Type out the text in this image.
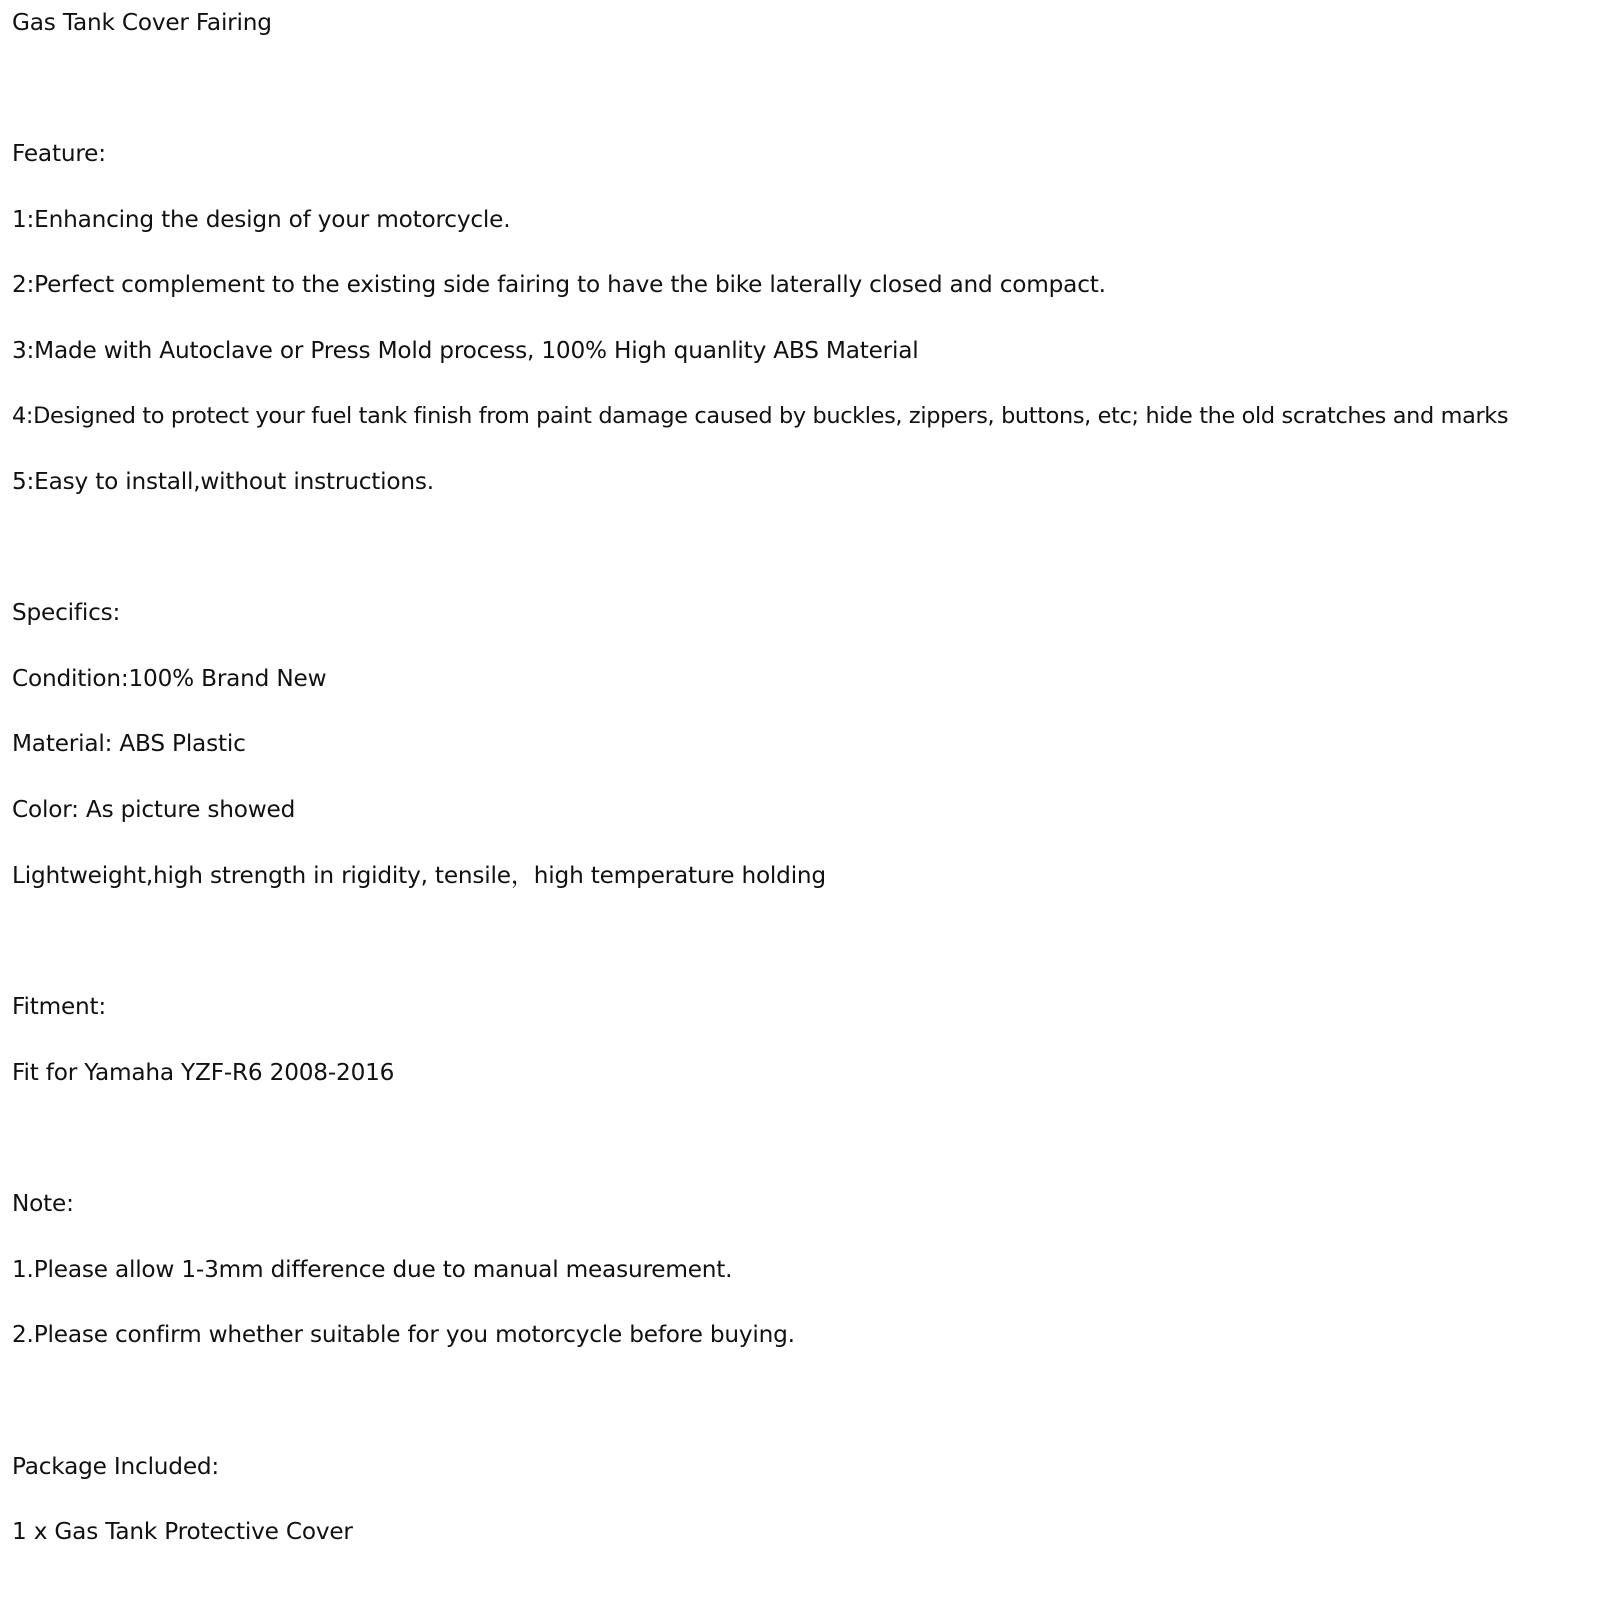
Gas Tank Cover Fairing
Feature:
1:Enhancing the design of your motorcycle.
2:Perfect complement to the existing side fairing to have the bike laterally closed and compact.
3:Made with Autoclave or Press Mold process, 100% High quanlity ABS Material
4:Designed to protect your fuel tank finish from paint damage caused by buckles, zippers, buttons, etc; hide the old scratches and marks
5:Easy to install,without instructions.
Specifics:
Condition:100% Brand New
Material: ABS Plastic
Color: As picture showed
Lightweight,high strength in rigidity, tensile，high temperature holding
Fitment:
Fit for Yamaha YZF-R6 2008-2016
Note:
1.Please allow 1-3mm difference due to manual measurement.
2.Please confirm whether suitable for you motorcycle before buying.
Package Included:
1 x Gas Tank Protective Cover
